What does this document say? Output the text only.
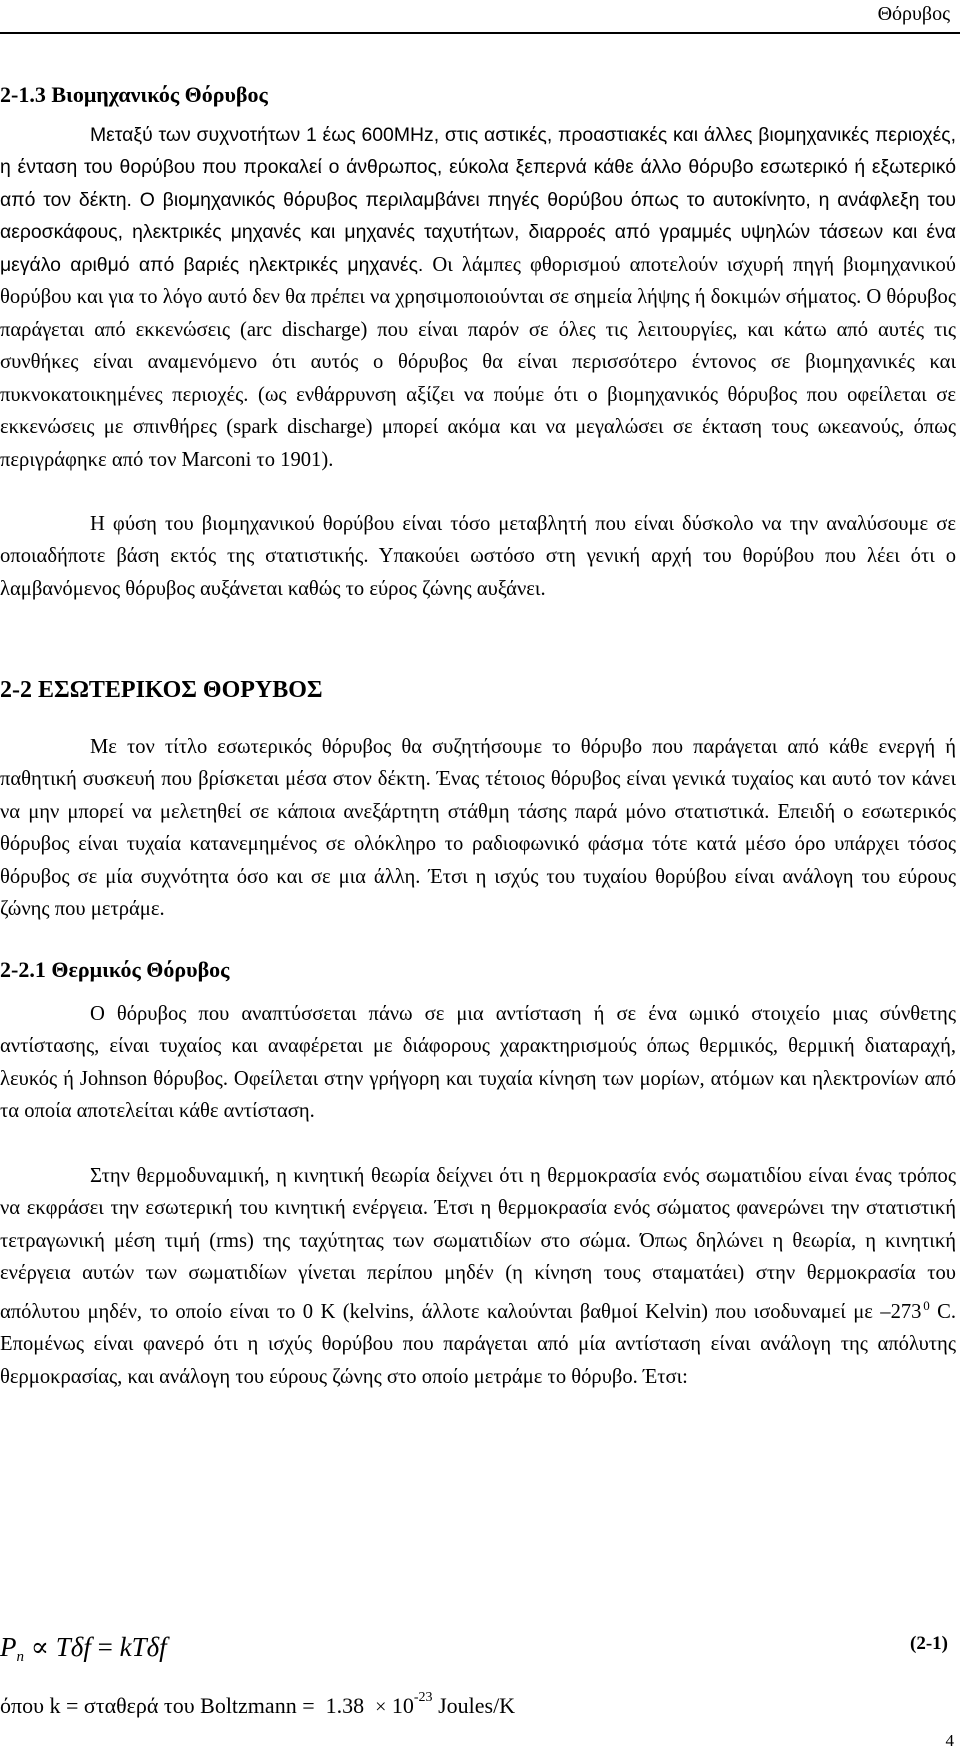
Θόρυβος
2-1.3 Βιομηχανικός Θόρυβος

Μεταξύ των συχνοτήτων 1 έως 600MHz, στις αστικές, προαστιακές και άλλες βιομηχανικές περιοχές, η ένταση του θορύβου που προκαλεί ο άνθρωπος, εύκολα ξεπερνά κάθε άλλο θόρυβο εσωτερικό ή εξωτερικό από τον δέκτη. Ο βιομηχανικός θόρυβος περιλαμβάνει πηγές θορύβου όπως το αυτοκίνητο, η ανάφλεξη του αεροσκάφους, ηλεκτρικές μηχανές και μηχανές ταχυτήτων, διαρροές από γραμμές υψηλών τάσεων και ένα μεγάλο αριθμό από βαριές ηλεκτρικές μηχανές. Οι λάμπες φθορισμού αποτελούν ισχυρή πηγή βιομηχανικού θορύβου και για το λόγο αυτό δεν θα πρέπει να χρησιμοποιούνται σε σημεία λήψης ή δοκιμών σήματος. Ο θόρυβος παράγεται από εκκενώσεις (arc discharge) που είναι παρόν σε όλες τις λειτουργίες, και κάτω από αυτές τις συνθήκες είναι αναμενόμενο ότι αυτός ο θόρυβος θα είναι περισσότερο έντονος σε βιομηχανικές και πυκνοκατοικημένες περιοχές. (ως ενθάρρυνση αξίζει να πούμε ότι ο βιομηχανικός θόρυβος που οφείλεται σε εκκενώσεις με σπινθήρες (spark discharge) μπορεί ακόμα και να μεγαλώσει σε έκταση τους ωκεανούς, όπως περιγράφηκε από τον Marconi το 1901).

Η φύση του βιομηχανικού θορύβου είναι τόσο μεταβλητή που είναι δύσκολο να την αναλύσουμε σε οποιαδήποτε βάση εκτός της στατιστικής. Υπακούει ωστόσο στη γενική αρχή του θορύβου που λέει ότι ο λαμβανόμενος θόρυβος αυξάνεται καθώς το εύρος ζώνης αυξάνει.

2-2 ΕΣΩΤΕΡΙΚΟΣ ΘΟΡΥΒΟΣ

Με τον τίτλο εσωτερικός θόρυβος θα συζητήσουμε το θόρυβο που παράγεται από κάθε ενεργή ή παθητική συσκευή που βρίσκεται μέσα στον δέκτη. Ένας τέτοιος θόρυβος είναι γενικά τυχαίος και αυτό τον κάνει να μην μπορεί να μελετηθεί σε κάποια ανεξάρτητη στάθμη τάσης παρά μόνο στατιστικά. Επειδή ο εσωτερικός θόρυβος είναι τυχαία κατανεμημένος σε ολόκληρο το ραδιοφωνικό φάσμα τότε κατά μέσο όρο υπάρχει τόσος θόρυβος σε μία συχνότητα όσο και σε μια άλλη. Έτσι η ισχύς του τυχαίου θορύβου είναι ανάλογη του εύρους ζώνης που μετράμε.

2-2.1 Θερμικός Θόρυβος

Ο θόρυβος που αναπτύσσεται πάνω σε μια αντίσταση ή σε ένα ωμικό στοιχείο μιας σύνθετης αντίστασης, είναι τυχαίος και αναφέρεται με διάφορους χαρακτηρισμούς όπως θερμικός, θερμική διαταραχή, λευκός ή Johnson θόρυβος. Οφείλεται στην γρήγορη και τυχαία κίνηση των μορίων, ατόμων και ηλεκτρονίων από τα οποία αποτελείται κάθε αντίσταση.

Στην θερμοδυναμική, η κινητική θεωρία δείχνει ότι η θερμοκρασία ενός σωματιδίου είναι ένας τρόπος να εκφράσει την εσωτερική του κινητική ενέργεια. Έτσι η θερμοκρασία ενός σώματος φανερώνει την στατιστική τετραγωνική μέση τιμή (rms) της ταχύτητας των σωματιδίων στο σώμα. Όπως δηλώνει η θεωρία, η κινητική ενέργεια αυτών των σωματιδίων γίνεται περίπου μηδέν (η κίνηση τους σταματάει) στην θερμοκρασία του απόλυτου μηδέν, το οποίο είναι το 0 K (kelvins, άλλοτε καλούνται βαθμοί Kelvin) που ισοδυναμεί με –273  $^0$ C. Επομένως είναι φανερό ότι η ισχύς θορύβου που παράγεται από μία αντίσταση είναι ανάλογη της απόλυτης θερμοκρασίας, και ανάλογη του εύρους ζώνης στο οποίο μετράμε το θόρυβο. Έτσι:

$P_n \propto T\delta f = kT\delta f$	(2-1)
όπου k = σταθερά του Boltzmann = $1.38 \times 10^{-23}$ Joules/K
4
